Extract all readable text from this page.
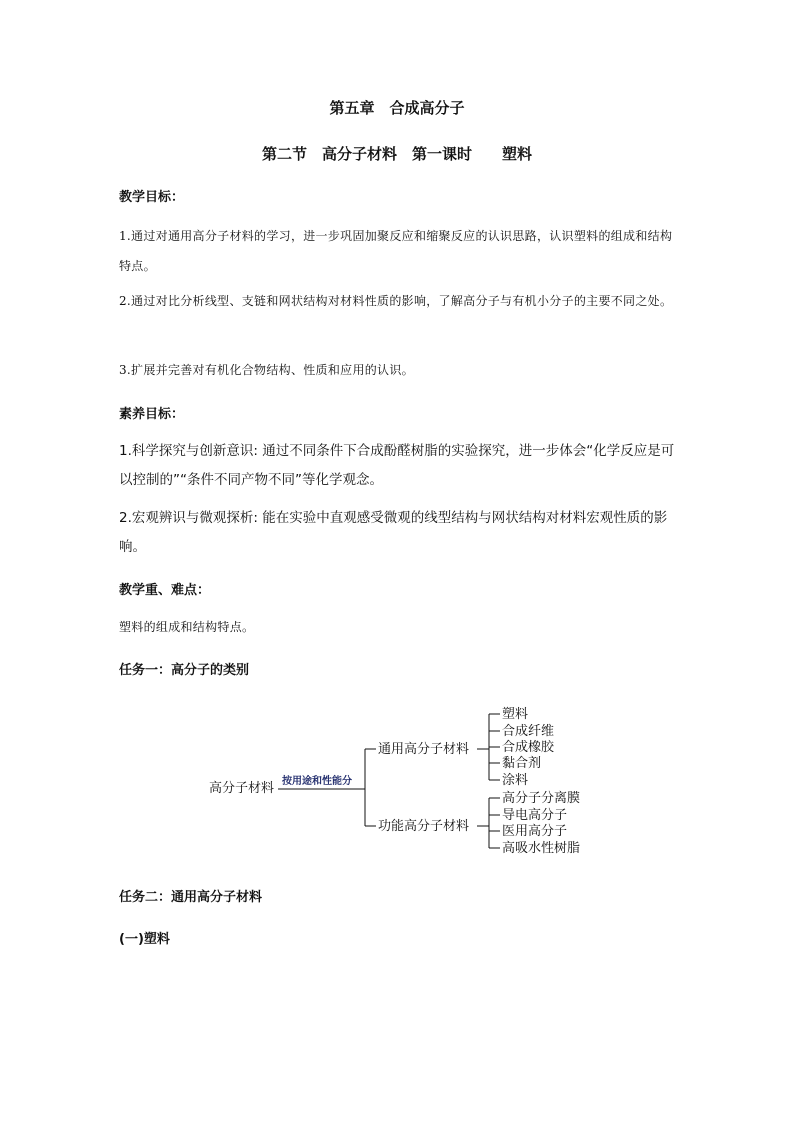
第五章　合成高分子
第二节　高分子材料　第一课时　　塑料
教学目标：
1.通过对通用高分子材料的学习，进一步巩固加聚反应和缩聚反应的认识思路，认识塑料的组成和结构特点。
2.通过对比分析线型、支链和网状结构对材料性质的影响，了解高分子与有机小分子的主要不同之处。
3.扩展并完善对有机化合物结构、性质和应用的认识。
素养目标：
1.科学探究与创新意识: 通过不同条件下合成酚醛树脂的实验探究，进一步体会“化学反应是可以控制的”“条件不同产物不同”等化学观念。
2.宏观辨识与微观探析: 能在实验中直观感受微观的线型结构与网状结构对材料宏观性质的影响。
教学重、难点：
塑料的组成和结构特点。
任务一：高分子的类别
高分子材料 按用途和性能分
通用高分子材料
塑料
合成纤维
合成橡胶
黏合剂
涂料
功能高分子材料
高分子分离膜
导电高分子
医用高分子
高吸水性树脂
任务二：通用高分子材料
(一)塑料
